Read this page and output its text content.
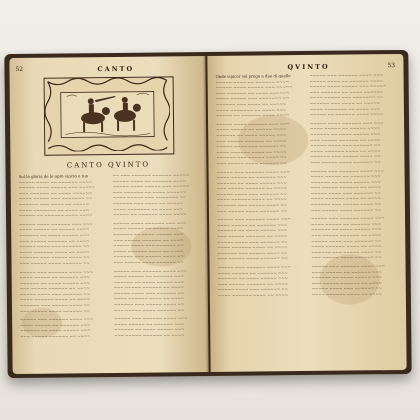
52	CANTO
CANTO QVINTO
Sul la gloria de le opre vincto e tuo
~~~~~ ~~~~ ~~ ~~~~~~ ~~~~
~~~~~ ~~~~ ~~~~~ ~~~ ~~~~~
~~~ ~~~~~~ ~~ ~~~~ ~~~~~~
~~~~ ~~~~~ ~~~ ~~~~~~~ ~~
~~~~~~ ~~~ ~~~~ ~~ ~~~~~
~~~~ ~~~~~~~ ~~ ~~~~ ~~~
~~~~~ ~~ ~~~~~~ ~~~~ ~~~~
~~~~~ ~~~~ ~~~~~~ ~~~ ~~~
~~~~ ~~~~~ ~~ ~~~~~ ~~~~
~~~~~~ ~~ ~~~~ ~~~~~ ~~~
~~~ ~~~~~ ~~~~~~ ~~ ~~~~
~~~~~ ~~~~ ~~~ ~~~~~~ ~~
~~~~ ~~~~~~ ~~~~ ~~ ~~~~
~~~~~~ ~~~ ~~~~~ ~~~~ ~~
~~~ ~~~~~ ~~~~ ~~~~~~ ~~
~~~~~ ~~~ ~~~~~~ ~~~~ ~~~
~~~~ ~~~~~ ~~ ~~~~~~ ~~~
~~~~~~ ~~ ~~~~ ~~~~~ ~~~
~~~ ~~~~~ ~~~~~~ ~~ ~~~~
~~~~~ ~~~~ ~~~ ~~~~~~ ~~
~~~~ ~~~~~~ ~~~~ ~~ ~~~~
~~~~~~ ~~~ ~~~~~ ~~~~ ~~
~~~ ~~~~~ ~~~~ ~~~~~~ ~~
~~~~~ ~~~ ~~~~~~ ~~~~ ~~~
~~~~ ~~~~~ ~~ ~~~~~~ ~~~
~~~~~~ ~~ ~~~~ ~~~~~ ~~~
~~~ ~~~~~ ~~~~~~ ~~ ~~~~
~~ ~~~ ~~~~~~ ~~~~~~ ~~~~~
~~~~~ ~~~~ ~~ ~~~~~~ ~~~~
~~~~~ ~~~~ ~~~~~ ~~~ ~~~~~
~~~ ~~~~~~ ~~ ~~~~ ~~~~~~
~~~~ ~~~~~ ~~~ ~~~~~~~ ~~
~~~~~~ ~~~ ~~~~ ~~ ~~~~~
~~~~ ~~~~~~~ ~~ ~~~~ ~~~
~~~~~ ~~ ~~~~~~ ~~~~ ~~~~
~~~~~ ~~~~ ~~~~~~ ~~~ ~~~
~~~~ ~~~~~ ~~ ~~~~~ ~~~~
~~~~~~ ~~ ~~~~ ~~~~~ ~~~
~~~ ~~~~~ ~~~~~~ ~~ ~~~~
~~~~~ ~~~~ ~~~ ~~~~~~ ~~
~~~~ ~~~~~~ ~~~~ ~~ ~~~~
~~~~~~ ~~~ ~~~~~ ~~~~ ~~
~~~ ~~~~~ ~~~~ ~~~~~~ ~~
~~~~~ ~~~ ~~~~~~ ~~~~ ~~~
~~~~ ~~~~~ ~~ ~~~~~~ ~~~
~~~~~~ ~~ ~~~~ ~~~~~ ~~~
~~~ ~~~~~ ~~~~~~ ~~ ~~~~
~~~~~ ~~~~ ~~~ ~~~~~~ ~~
~~~~ ~~~~~~ ~~~~ ~~ ~~~~
~~~~~~ ~~~ ~~~~~ ~~~~ ~~
~~~ ~~~~~ ~~~~ ~~~~~~ ~~
~~~~~ ~~~ ~~~~~~ ~~~~ ~~~
~~~~ ~~~~~ ~~ ~~~~~~ ~~~
~~~~~~ ~~ ~~~~ ~~~~~ ~~~
~~~ ~~~~~ ~~~~~~ ~~ ~~~~
QVINTO	53
Onde ispicer sol prego a due di quelle
~~~~~ ~~~~ ~~ ~~~~~~ ~~~~
~~~~~ ~~~~ ~~~~~ ~~~ ~~~~~
~~~ ~~~~~~ ~~ ~~~~ ~~~~~~
~~~~ ~~~~~ ~~~ ~~~~~~~ ~~
~~~~~~ ~~~ ~~~~ ~~ ~~~~~
~~~~ ~~~~~~~ ~~ ~~~~ ~~~
~~~~~ ~~ ~~~~~~ ~~~~ ~~~~
~~~~~ ~~~~ ~~~~~~ ~~~ ~~~
~~~~ ~~~~~ ~~ ~~~~~ ~~~~
~~~~~~ ~~ ~~~~ ~~~~~ ~~~
~~~ ~~~~~ ~~~~~~ ~~ ~~~~
~~~~~ ~~~~ ~~~ ~~~~~~ ~~
~~~~ ~~~~~~ ~~~~ ~~ ~~~~
~~~~~~ ~~~ ~~~~~ ~~~~ ~~
~~~ ~~~~~ ~~~~ ~~~~~~ ~~
~~~~~ ~~~ ~~~~~~ ~~~~ ~~~
~~~~ ~~~~~ ~~ ~~~~~~ ~~~
~~~~~~ ~~ ~~~~ ~~~~~ ~~~
~~~ ~~~~~ ~~~~~~ ~~ ~~~~
~~~~~ ~~~~ ~~~ ~~~~~~ ~~
~~~~ ~~~~~~ ~~~~ ~~ ~~~~
~~~~~~ ~~~ ~~~~~ ~~~~ ~~
~~~ ~~~~~ ~~~~ ~~~~~~ ~~
~~~~~ ~~~ ~~~~~~ ~~~~ ~~~
~~~~ ~~~~~ ~~ ~~~~~~ ~~~
~~~~~~ ~~ ~~~~ ~~~~~ ~~~
~~~ ~~~~~ ~~~~~~ ~~ ~~~~
~~~~~ ~~~~ ~~~ ~~~~~~ ~~
~~~~ ~~~~~~ ~~~~ ~~ ~~~~
~~~~~~ ~~~ ~~~~~ ~~~~ ~~
~~~ ~~~~~ ~~~~ ~~~~~~ ~~
~~~~~ ~~~ ~~~~~~ ~~~~ ~~~
~~~~ ~~~~~ ~~ ~~~~~~ ~~~
~~~~~~ ~~ ~~~~ ~~~~~ ~~~
~~~ ~~~~~ ~~~~~~ ~~ ~~~~
~~~~~ ~~~~ ~~~ ~~~~~~ ~~
~~~~ ~~~~~~ ~~~~ ~~ ~~~~
~~~~~ ~~~ ~~~~~~ ~~~~ ~~~
~~~~~ ~~~~ ~~ ~~~~~~ ~~~~
~~~~~ ~~~~ ~~~~~ ~~~ ~~~~~
~~~ ~~~~~~ ~~ ~~~~ ~~~~~~
~~~~ ~~~~~ ~~~ ~~~~~~~ ~~
~~~~~~ ~~~ ~~~~ ~~ ~~~~~
~~~~ ~~~~~~~ ~~ ~~~~ ~~~
~~~~~ ~~ ~~~~~~ ~~~~ ~~~~
~~~~~ ~~~~ ~~~~~~ ~~~ ~~~
~~~~ ~~~~~ ~~ ~~~~~ ~~~~
~~~~~~ ~~ ~~~~ ~~~~~ ~~~
~~~ ~~~~~ ~~~~~~ ~~ ~~~~
~~~~~ ~~~~ ~~~ ~~~~~~ ~~
~~~~ ~~~~~~ ~~~~ ~~ ~~~~
~~~~~~ ~~~ ~~~~~ ~~~~ ~~
~~~ ~~~~~ ~~~~ ~~~~~~ ~~
~~~~~ ~~~ ~~~~~~ ~~~~ ~~~
~~~~ ~~~~~ ~~ ~~~~~~ ~~~
~~~~~~ ~~ ~~~~ ~~~~~ ~~~
~~~ ~~~~~ ~~~~~~ ~~ ~~~~
~~~~~ ~~~~ ~~~ ~~~~~~ ~~
~~~~ ~~~~~~ ~~~~ ~~ ~~~~
~~~~~~ ~~~ ~~~~~ ~~~~ ~~
~~~ ~~~~~ ~~~~ ~~~~~~ ~~
~~~~~ ~~~ ~~~~~~ ~~~~ ~~~
~~~~ ~~~~~ ~~ ~~~~~~ ~~~
~~~~~~ ~~ ~~~~ ~~~~~ ~~~
~~~ ~~~~~ ~~~~~~ ~~ ~~~~
~~~~~ ~~~~ ~~~ ~~~~~~ ~~
~~~~ ~~~~~~ ~~~~ ~~ ~~~~
~~~~~~ ~~~ ~~~~~ ~~~~ ~~
~~~ ~~~~~ ~~~~ ~~~~~~ ~~
~~~~~ ~~~ ~~~~~~ ~~~~ ~~~
~~~~ ~~~~~ ~~ ~~~~~~ ~~~
~~~~~~ ~~ ~~~~ ~~~~~ ~~~
~~~ ~~~~~ ~~~~~~ ~~ ~~~~
~~~~~ ~~~~ ~~~ ~~~~~~ ~~
~~~~ ~~~~~~ ~~~~ ~~ ~~~~
